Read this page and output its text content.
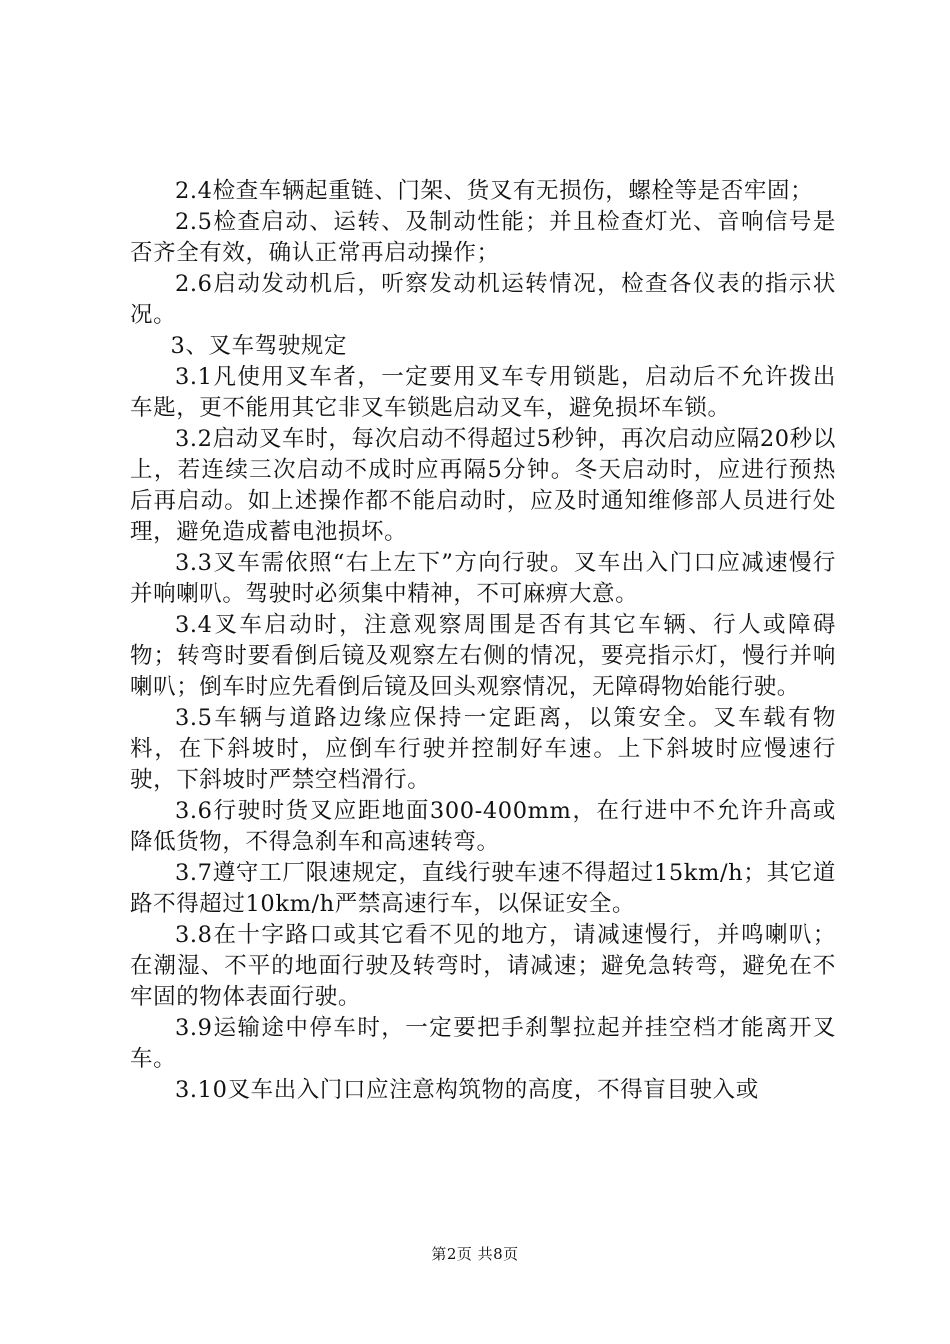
2.4检查车辆起重链、门架、货叉有无损伤，螺栓等是否牢固；

2.5检查启动、运转、及制动性能；并且检查灯光、音响信号是否齐全有效，确认正常再启动操作；

2.6启动发动机后，听察发动机运转情况，检查各仪表的指示状况。

3、叉车驾驶规定

3.1凡使用叉车者，一定要用叉车专用锁匙，启动后不允许拨出车匙，更不能用其它非叉车锁匙启动叉车，避免损坏车锁。

3.2启动叉车时，每次启动不得超过5秒钟，再次启动应隔20秒以上，若连续三次启动不成时应再隔5分钟。冬天启动时，应进行预热后再启动。如上述操作都不能启动时，应及时通知维修部人员进行处理，避免造成蓄电池损坏。

3.3叉车需依照“右上左下”方向行驶。叉车出入门口应减速慢行并响喇叭。驾驶时必须集中精神，不可麻痹大意。

3.4叉车启动时，注意观察周围是否有其它车辆、行人或障碍物；转弯时要看倒后镜及观察左右侧的情况，要亮指示灯，慢行并响喇叭；倒车时应先看倒后镜及回头观察情况，无障碍物始能行驶。

3.5车辆与道路边缘应保持一定距离，以策安全。叉车载有物料，在下斜坡时，应倒车行驶并控制好车速。上下斜坡时应慢速行驶，下斜坡时严禁空档滑行。

3.6行驶时货叉应距地面300-400mm，在行进中不允许升高或降低货物，不得急刹车和高速转弯。

3.7遵守工厂限速规定，直线行驶车速不得超过15km/h；其它道路不得超过10km/h严禁高速行车，以保证安全。

3.8在十字路口或其它看不见的地方，请减速慢行，并鸣喇叭；在潮湿、不平的地面行驶及转弯时，请减速；避免急转弯，避免在不牢固的物体表面行驶。

3.9运输途中停车时，一定要把手刹掣拉起并挂空档才能离开叉车。

3.10叉车出入门口应注意构筑物的高度，不得盲目驶入或

第2页 共8页
